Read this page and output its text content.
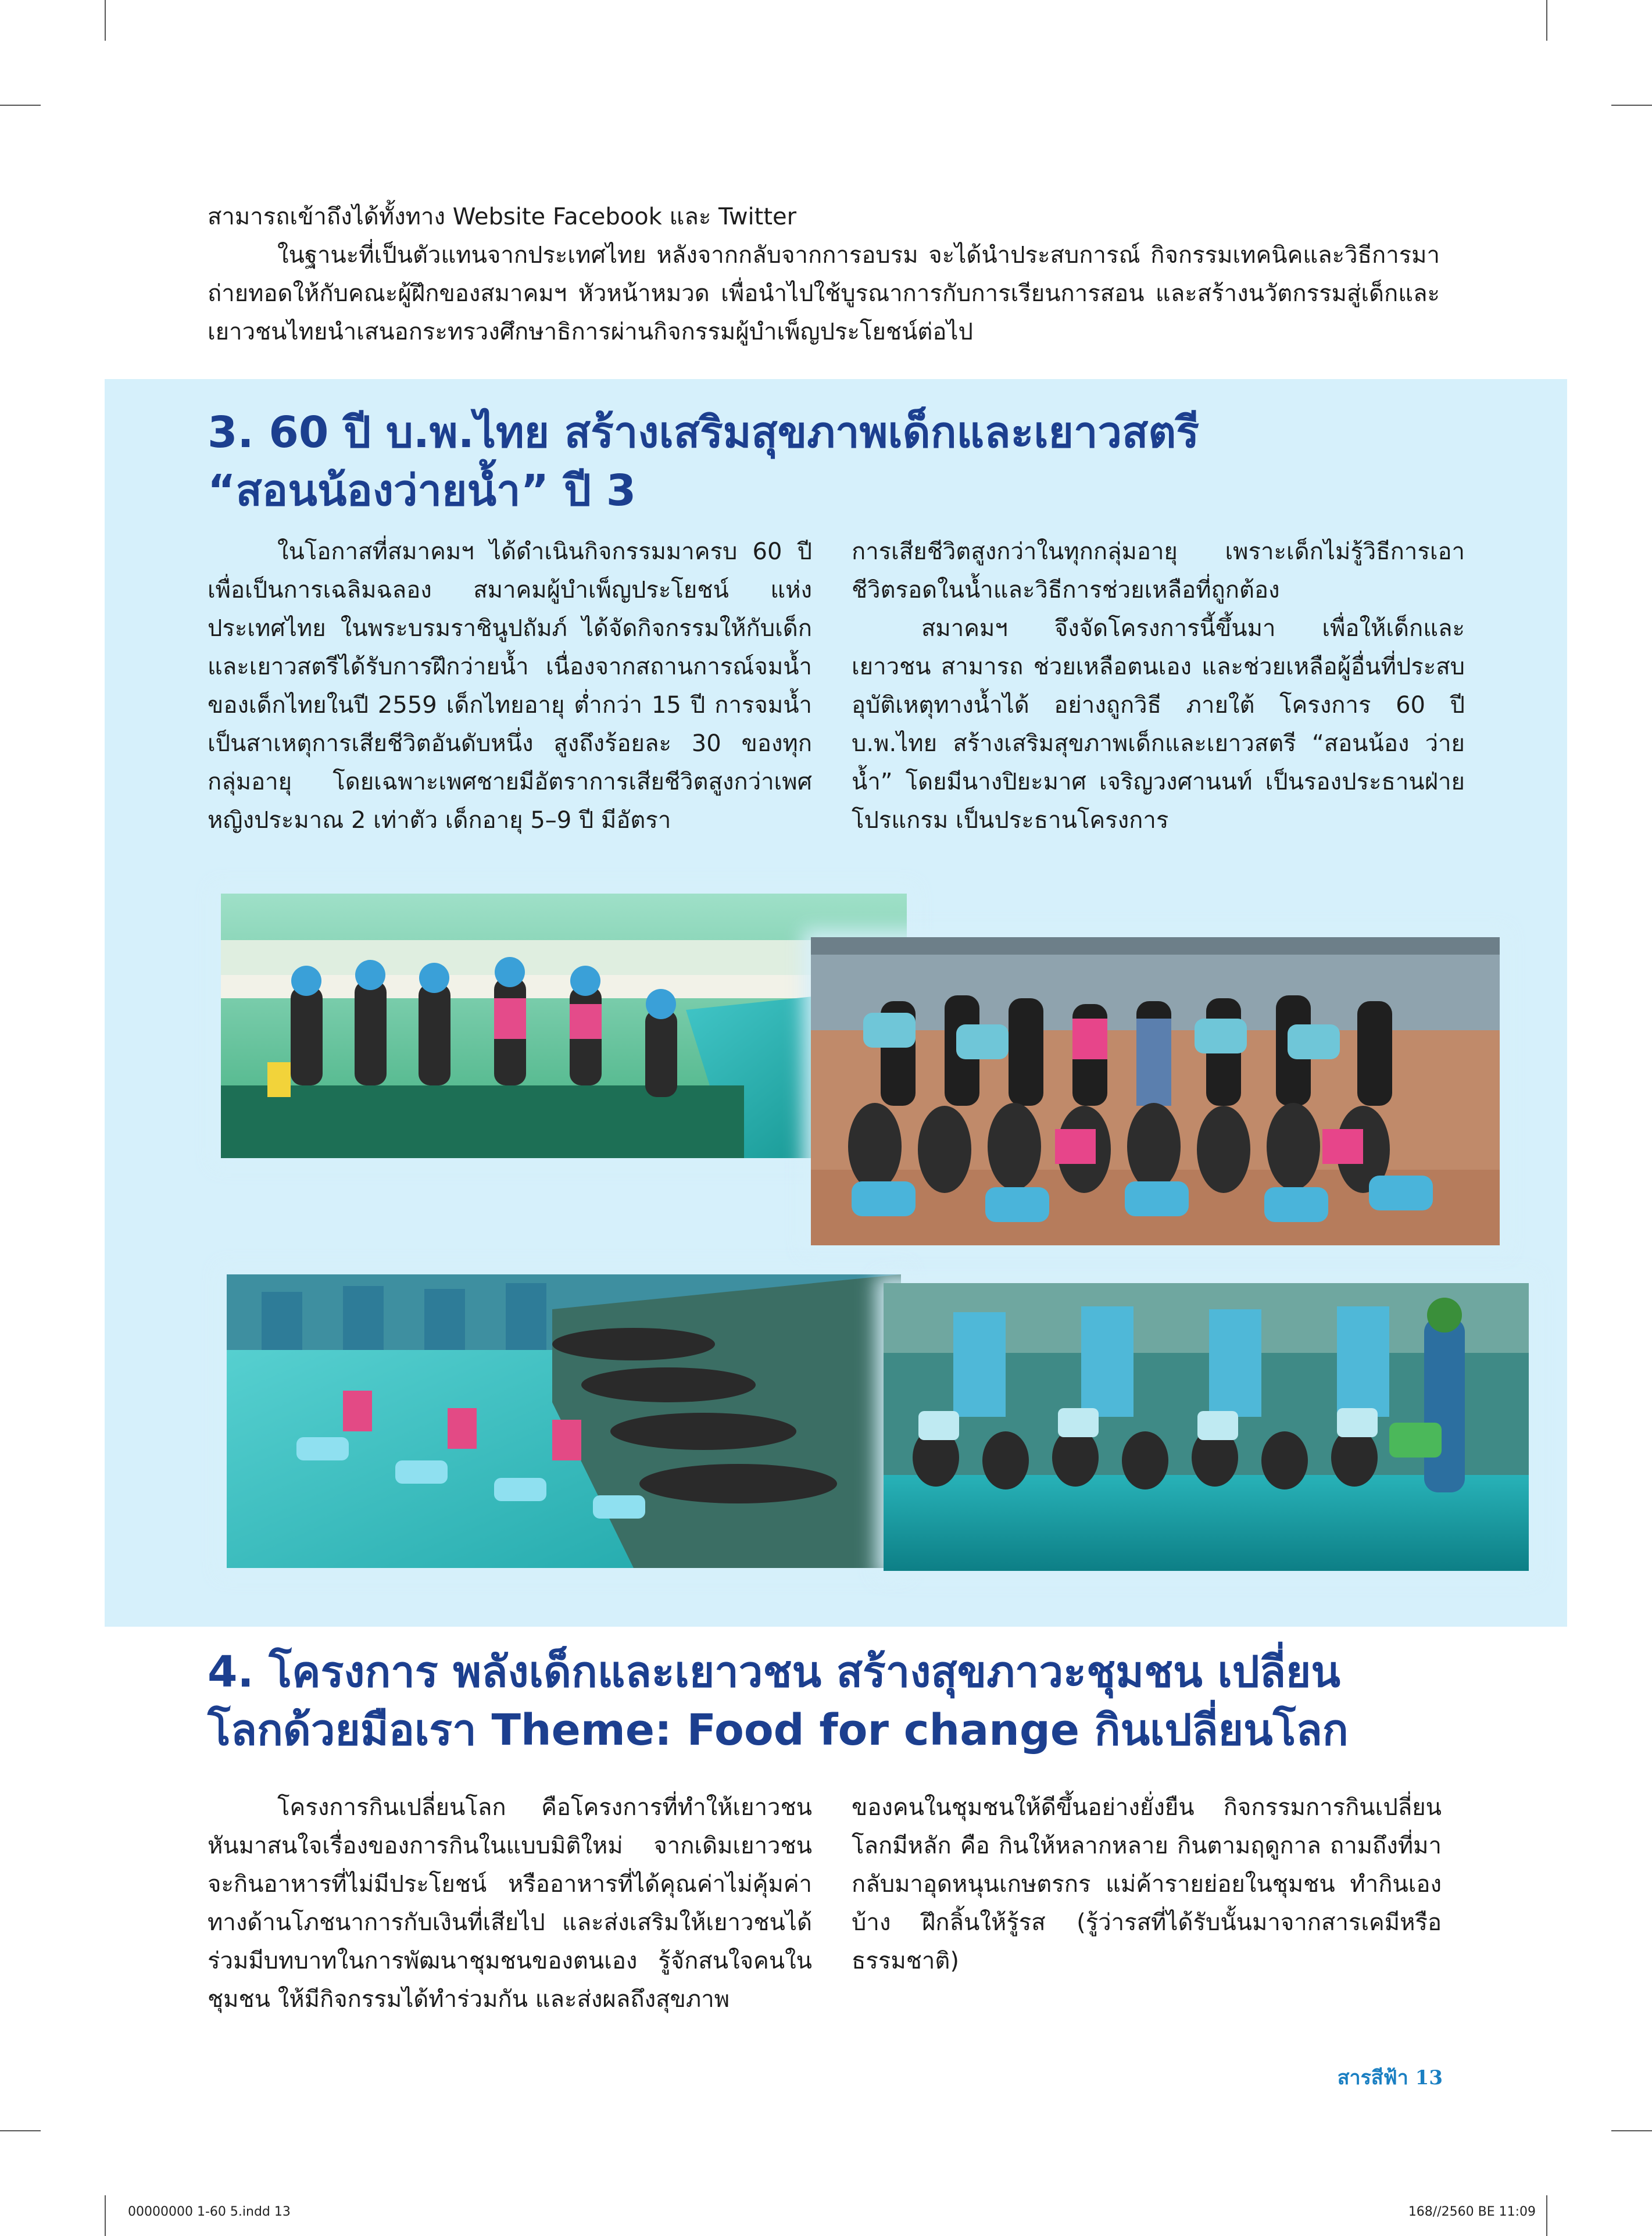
สามารถเข้าถึงได้ทั้งทาง Website Facebook และ Twitter

ในฐานะที่เป็นตัวแทนจากประเทศไทย หลังจากกลับจากการอบรม จะได้นำประสบการณ์ กิจกรรมเทคนิคและวิธีการมาถ่ายทอดให้กับคณะผู้ฝึกของสมาคมฯ หัวหน้าหมวด เพื่อนำไปใช้บูรณาการกับการเรียนการสอน และสร้างนวัตกรรมสู่เด็กและเยาวชนไทยนำเสนอกระทรวงศึกษาธิการผ่านกิจกรรมผู้บำเพ็ญประโยชน์ต่อไป

3. 60 ปี บ.พ.ไทย สร้างเสริมสุขภาพเด็กและเยาวสตรี
“สอนน้องว่ายน้ำ” ปี 3

ในโอกาสที่สมาคมฯ ได้ดำเนินกิจกรรมมาครบ 60 ปี เพื่อเป็นการเฉลิมฉลอง สมาคมผู้บำเพ็ญประโยชน์ แห่งประเทศไทย ในพระบรมราชินูปถัมภ์ ได้จัดกิจกรรมให้กับเด็กและเยาวสตรีได้รับการฝึกว่ายน้ำ เนื่องจากสถานการณ์จมน้ำของเด็กไทยในปี 2559 เด็กไทยอายุ ต่ำกว่า 15 ปี การจมน้ำเป็นสาเหตุการเสียชีวิตอันดับหนึ่ง สูงถึงร้อยละ 30 ของทุกกลุ่มอายุ โดยเฉพาะเพศชายมีอัตราการเสียชีวิตสูงกว่าเพศหญิงประมาณ 2 เท่าตัว เด็กอายุ 5–9 ปี มีอัตรา

การเสียชีวิตสูงกว่าในทุกกลุ่มอายุ เพราะเด็กไม่รู้วิธีการเอาชีวิตรอดในน้ำและวิธีการช่วยเหลือที่ถูกต้อง

สมาคมฯ จึงจัดโครงการนี้ขึ้นมา เพื่อให้เด็กและเยาวชน สามารถ ช่วยเหลือตนเอง และช่วยเหลือผู้อื่นที่ประสบอุบัติเหตุทางน้ำได้ อย่างถูกวิธี ภายใต้ โครงการ 60 ปี บ.พ.ไทย สร้างเสริมสุขภาพเด็กและเยาวสตรี “สอนน้อง ว่ายน้ำ” โดยมีนางปิยะมาศ เจริญวงศานนท์ เป็นรองประธานฝ่ายโปรแกรม เป็นประธานโครงการ

4. โครงการ พลังเด็กและเยาวชน สร้างสุขภาวะชุมชน เปลี่ยน
โลกด้วยมือเรา Theme: Food for change กินเปลี่ยนโลก

โครงการกินเปลี่ยนโลก คือโครงการที่ทำให้เยาวชนหันมาสนใจเรื่องของการกินในแบบมิติใหม่ จากเดิมเยาวชนจะกินอาหารที่ไม่มีประโยชน์ หรืออาหารที่ได้คุณค่าไม่คุ้มค่าทางด้านโภชนาการกับเงินที่เสียไป และส่งเสริมให้เยาวชนได้ร่วมมีบทบาทในการพัฒนาชุมชนของตนเอง รู้จักสนใจคนในชุมชน ให้มีกิจกรรมได้ทำร่วมกัน และส่งผลถึงสุขภาพ

ของคนในชุมชนให้ดีขึ้นอย่างยั่งยืน กิจกรรมการกินเปลี่ยนโลกมีหลัก คือ กินให้หลากหลาย กินตามฤดูกาล ถามถึงที่มา กลับมาอุดหนุนเกษตรกร แม่ค้ารายย่อยในชุมชน ทำกินเองบ้าง ฝึกลิ้นให้รู้รส (รู้ว่ารสที่ได้รับนั้นมาจากสารเคมีหรือธรรมชาติ)

สารสีฟ้า 13
00000000 1-60 5.indd 13	168//2560 BE 11:09
